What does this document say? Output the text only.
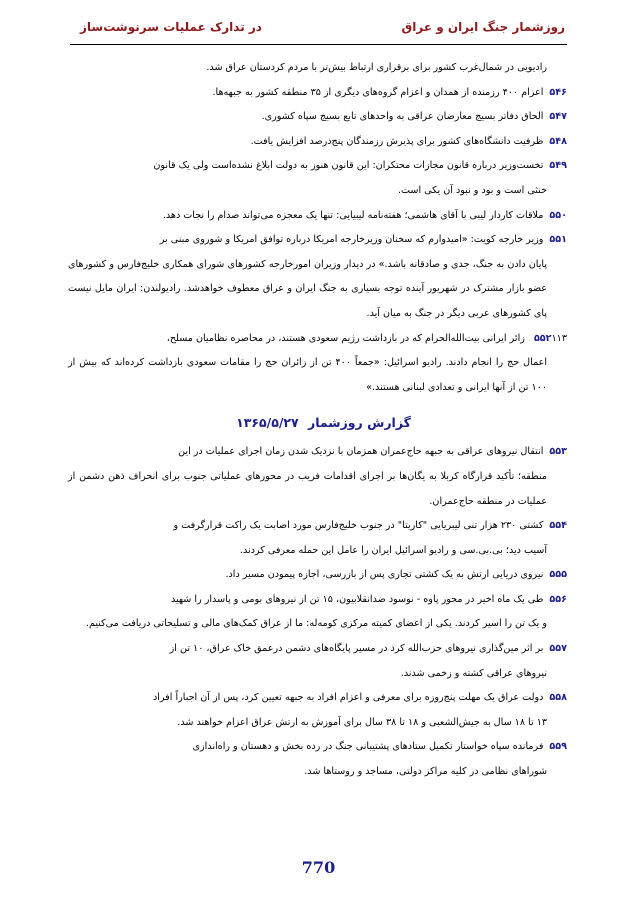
روزشمار جنگ ایران و عراق
در تدارک عملیات سرنوشت‌ساز
رادیویی در شمال‌غرب کشور برای برقراری ارتباط بیش‌تر با مردم کردستان عراق شد.
۵۴۶اعزام ۴۰۰ رزمنده از همدان و اعزام گروه‌های دیگری از ۳۵ منطقه کشور به جبهه‌ها.
۵۴۷الحاق دفاتر بسیج معارضان عراقی به واحدهای تابع بسیج سپاه کشوری.
۵۴۸ظرفیت دانشگاه‌های کشور برای پذیرش رزمندگان پنج‌درصد افزایش یافت.
۵۴۹تخست‌وزیر درباره قانون مجازات محتکران: این قانون هنوز به دولت ابلاغ نشده‌است ولی یک قانون
خنثی است و بود و نبود آن یکی است.
۵۵۰ملاقات کاردار لیبی با آقای هاشمی؛ هفته‌نامه لیبیایی: تنها یک معجزه می‌تواند صدام را نجات دهد.
۵۵۱وزیر خارجه کویت: «امیدوارم که سخنان وزیرخارجه امریکا درباره توافق امریکا و شوروی مبنی بر
پایان دادن به جنگ، جدی و صادقانه باشد.» در دیدار وزیران امورخارجه کشورهای شورای همکاری خلیج‌فارس و کشورهای عضو بازار مشترک در شهریور آینده توجه بسیاری به جنگ ایران و عراق معطوف خواهدشد. رادیولندن: ایران مایل نیست پای کشورهای عربی دیگر در جنگ به میان آید.
۵۵۲۱۱۳ زائر ایرانی بیت‌الله‌الحرام که در بازداشت رژیم سعودی هستند، در محاصره نظامیان مسلح،
اعمال حج را انجام دادند. رادیو اسرائیل: «جمعاً ۴۰۰ تن از زائران حج را مقامات سعودی بازداشت کرده‌اند که بیش از ۱۰۰ تن از آنها ایرانی و تعدادی لبنانی هستند.»
گزارش روزشمار ۱۳۶۵/۵/۲۷
۵۵۳انتقال نیروهای عراقی به جبهه حاج‌عمران همزمان با نزدیک شدن زمان اجرای عملیات در این
منطقه؛ تأکید قرارگاه کربلا به یگان‌ها بر اجرای اقدامات فریب در محورهای عملیاتی جنوب برای انحراف ذهن دشمن از عملیات در منطقه حاج‌عمران.
۵۵۴کشتی ۲۳۰ هزار تنی لیبریایی "کاریتا" در جنوب خلیج‌فارس مورد اصابت یک راکت قرارگرفت و
آسیب دید؛ بی.بی.سی و رادیو اسرائیل ایران را عامل این حمله معرفی کردند.
۵۵۵نیروی دریایی ارتش به یک کشتی تجاری پس از بازرسی، اجازه پیمودن مسیر داد.
۵۵۶طی یک ماه اخیر در محور پاوه - نوسود ضدانقلابیون، ۱۵ تن از نیروهای بومی و پاسدار را شهید
و یک تن را اسیر کردند. یکی از اعضای کمیته مرکزی کومه‌له: ما از عراق کمک‌های مالی و تسلیحاتی دریافت می‌کنیم.
۵۵۷بر اثر مین‌گذاری نیروهای حزب‌الله کرد در مسیر پایگاه‌های دشمن درعمق خاک عراق، ۱۰ تن از
نیروهای عراقی کشته و زخمی شدند.
۵۵۸دولت عراق یک مهلت پنج‌روزه برای معرفی و اعزام افراد به جبهه تعیین کرد، پس از آن اجباراً افراد
۱۳ تا ۱۸ سال به جیش‌الشعبی و ۱۸ تا ۳۸ سال برای آموزش به ارتش عراق اعزام خواهند شد.
۵۵۹فرمانده سپاه خواستار تکمیل ستادهای پشتیبانی جنگ در رده بخش و دهستان و راه‌اندازی
شوراهای نظامی در کلیه مراکز دولتی، مساجد و روستاها شد.
770
